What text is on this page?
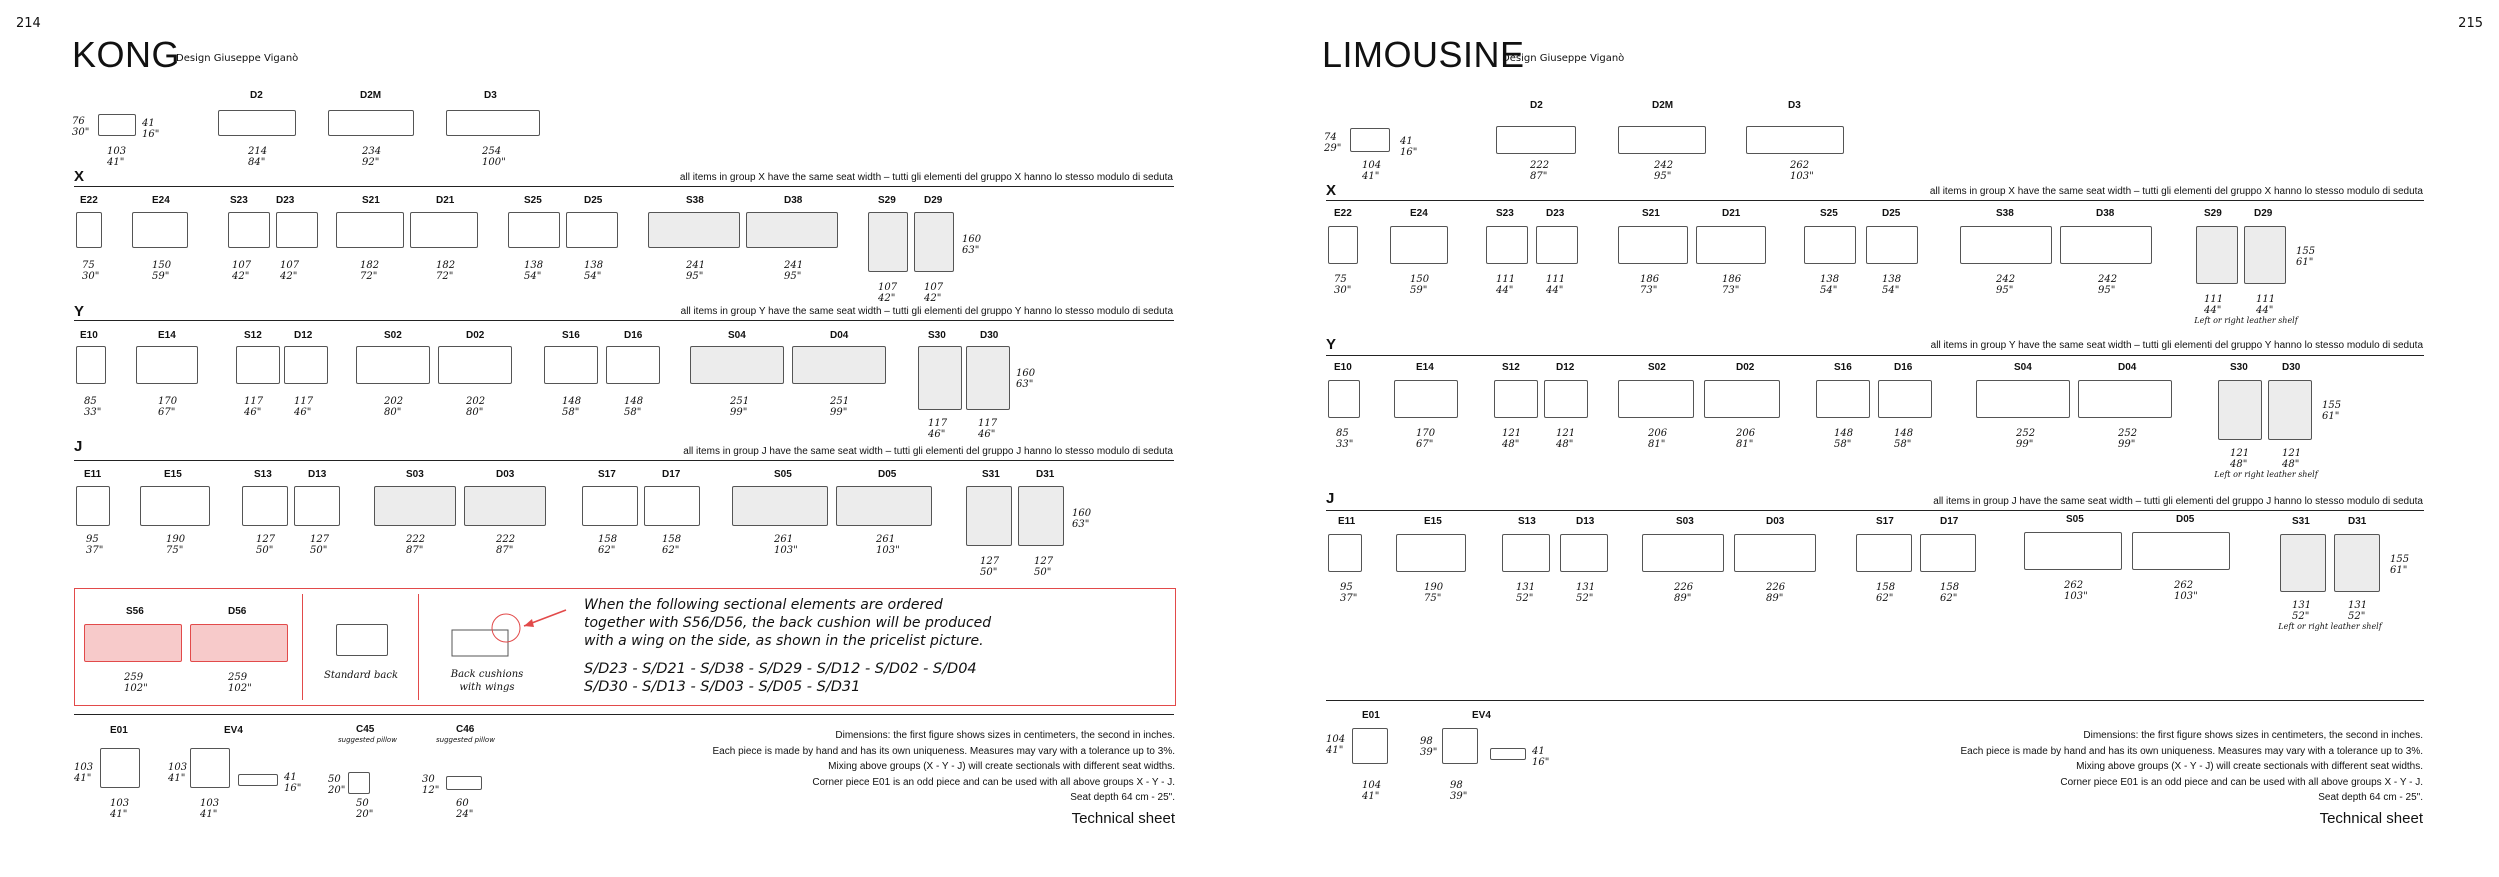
214
KONG
Design Giuseppe Viganò
76
30"
41
16"
103
41"
D2
214
84"
D2M
234
92"
D3
254
100"
X	all items in group X have the same seat width – tutti gli elementi del gruppo X hanno lo stesso modulo di seduta
E22
75
30"
E24
150
59"
S23
107
42"
D23
107
42"
S21
182
72"
D21
182
72"
S25
138
54"
D25
138
54"
S38
241
95"
D38
241
95"
S29
107
42"
D29
107
42"
160
63"
Y	all items in group Y have the same seat width – tutti gli elementi del gruppo Y hanno lo stesso modulo di seduta
E10
85
33"
E14
170
67"
S12
117
46"
D12
117
46"
S02
202
80"
D02
202
80"
S16
148
58"
D16
148
58"
S04
251
99"
D04
251
99"
S30
117
46"
D30
117
46"
160
63"
J	all items in group J have the same seat width – tutti gli elementi del gruppo J hanno lo stesso modulo di seduta
E11
95
37"
E15
190
75"
S13
127
50"
D13
127
50"
S03
222
87"
D03
222
87"
S17
158
62"
D17
158
62"
S05
261
103"
D05
261
103"
S31
127
50"
D31
127
50"
160
63"
S56	D56
259
102"
259
102"
Standard back	Back cushions
with wings
When the following sectional elements are ordered
together with S56/D56, the back cushion will be produced
with a wing on the side, as shown in the pricelist picture.
S/D23 - S/D21 - S/D38 - S/D29 - S/D12 - S/D02 - S/D04
S/D30 - S/D13 - S/D03 - S/D05 - S/D31
E01
103
41"
103
41"
EV4
103
41"	41
16"
103
41"
C45
suggested pillow
50
20"
50
20"
C46
suggested pillow
30
12"
60
24"
Dimensions: the first figure shows sizes in centimeters, the second in inches.
Each piece is made by hand and has its own uniqueness. Measures may vary with a tolerance up to 3%.
Mixing above groups (X - Y - J) will create sectionals with different seat widths.
Corner piece E01 is an odd piece and can be used with all above groups X - Y - J.
Seat depth 64 cm - 25".
Technical sheet
215
LIMOUSINE
Design Giuseppe Viganò
74
29"
41
16"
104
41"
D2
222
87"
D2M
242
95"
D3
262
103"
X	all items in group X have the same seat width – tutti gli elementi del gruppo X hanno lo stesso modulo di seduta
E22
75
30"
E24
150
59"
S23
111
44"
D23
111
44"
S21
186
73"
D21
186
73"
S25
138
54"
D25
138
54"
S38
242
95"
D38
242
95"
S29
111
44"
D29
111
44"
155
61"
Left or right leather shelf
Y	all items in group Y have the same seat width – tutti gli elementi del gruppo Y hanno lo stesso modulo di seduta
E10
85
33"
E14
170
67"
S12
121
48"
D12
121
48"
S02
206
81"
D02
206
81"
S16
148
58"
D16
148
58"
S04
252
99"
D04
252
99"
S30
121
48"
D30
121
48"
155
61"
Left or right leather shelf
J	all items in group J have the same seat width – tutti gli elementi del gruppo J hanno lo stesso modulo di seduta
E11
95
37"
E15
190
75"
S13
131
52"
D13
131
52"
S03
226
89"
D03
226
89"
S17
158
62"
D17
158
62"
S05
262
103"
D05
262
103"
S31
131
52"
D31
131
52"
155
61"
Left or right leather shelf
E01
104
41"
104
41"
EV4
98
39"	41
16"
98
39"
Dimensions: the first figure shows sizes in centimeters, the second in inches.
Each piece is made by hand and has its own uniqueness. Measures may vary with a tolerance up to 3%.
Mixing above groups (X - Y - J) will create sectionals with different seat widths.
Corner piece E01 is an odd piece and can be used with all above groups X - Y - J.
Seat depth 64 cm - 25".
Technical sheet
